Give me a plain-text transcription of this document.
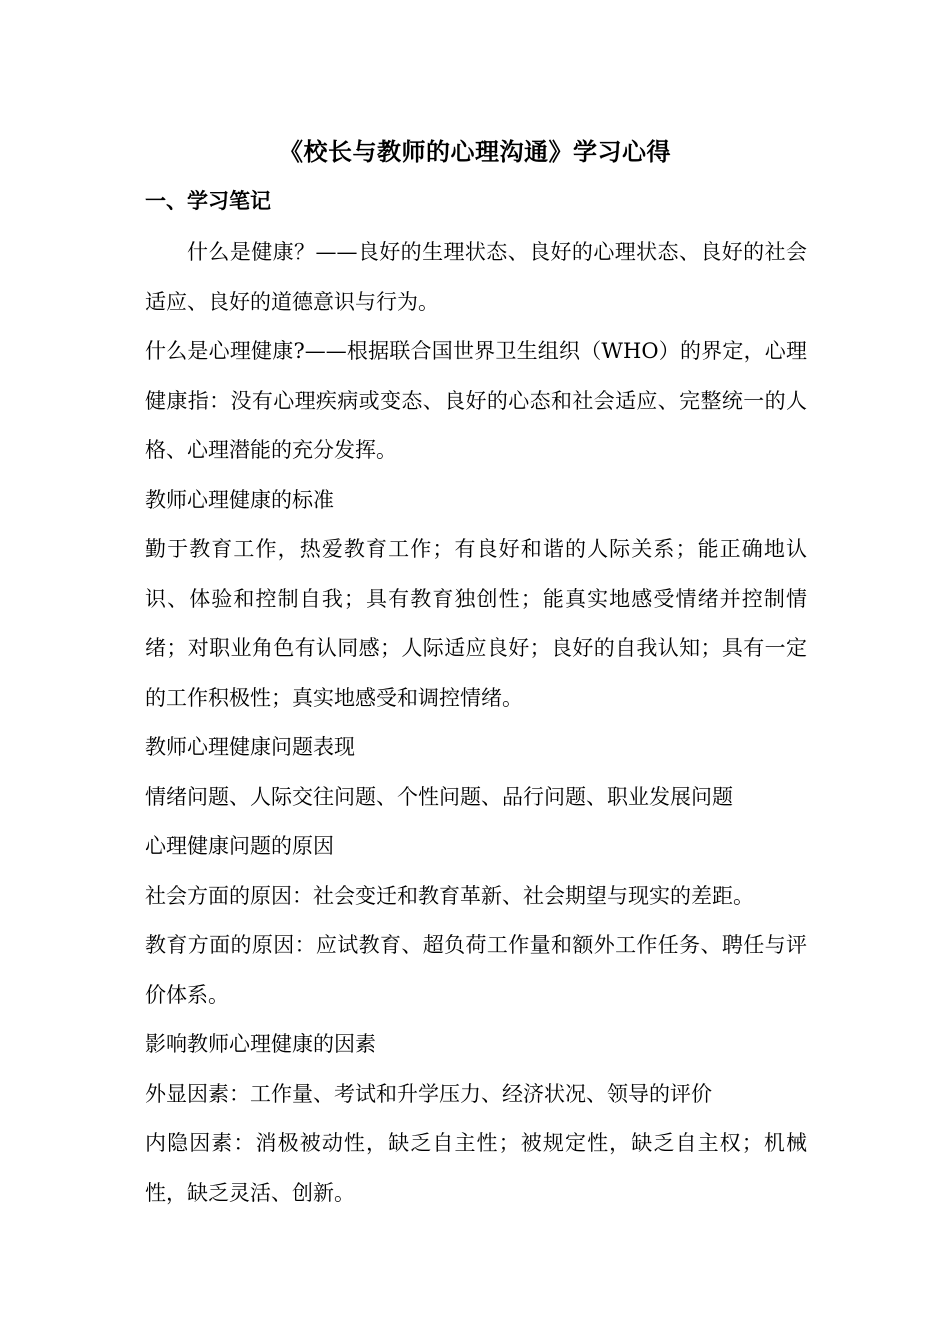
《校长与教师的心理沟通》学习心得
一、学习笔记

什么是健康？——良好的生理状态、良好的心理状态、良好的社会适应、良好的道德意识与行为。

什么是心理健康?——根据联合国世界卫生组织（WHO）的界定，心理健康指：没有心理疾病或变态、良好的心态和社会适应、完整统一的人格、心理潜能的充分发挥。

教师心理健康的标准

勤于教育工作，热爱教育工作；有良好和谐的人际关系；能正确地认识、体验和控制自我；具有教育独创性；能真实地感受情绪并控制情绪；对职业角色有认同感；人际适应良好；良好的自我认知；具有一定的工作积极性；真实地感受和调控情绪。

教师心理健康问题表现

情绪问题、人际交往问题、个性问题、品行问题、职业发展问题

心理健康问题的原因

社会方面的原因：社会变迁和教育革新、社会期望与现实的差距。

教育方面的原因：应试教育、超负荷工作量和额外工作任务、聘任与评价体系。

影响教师心理健康的因素

外显因素：工作量、考试和升学压力、经济状况、领导的评价

内隐因素：消极被动性，缺乏自主性；被规定性，缺乏自主权；机械性，缺乏灵活、创新。
